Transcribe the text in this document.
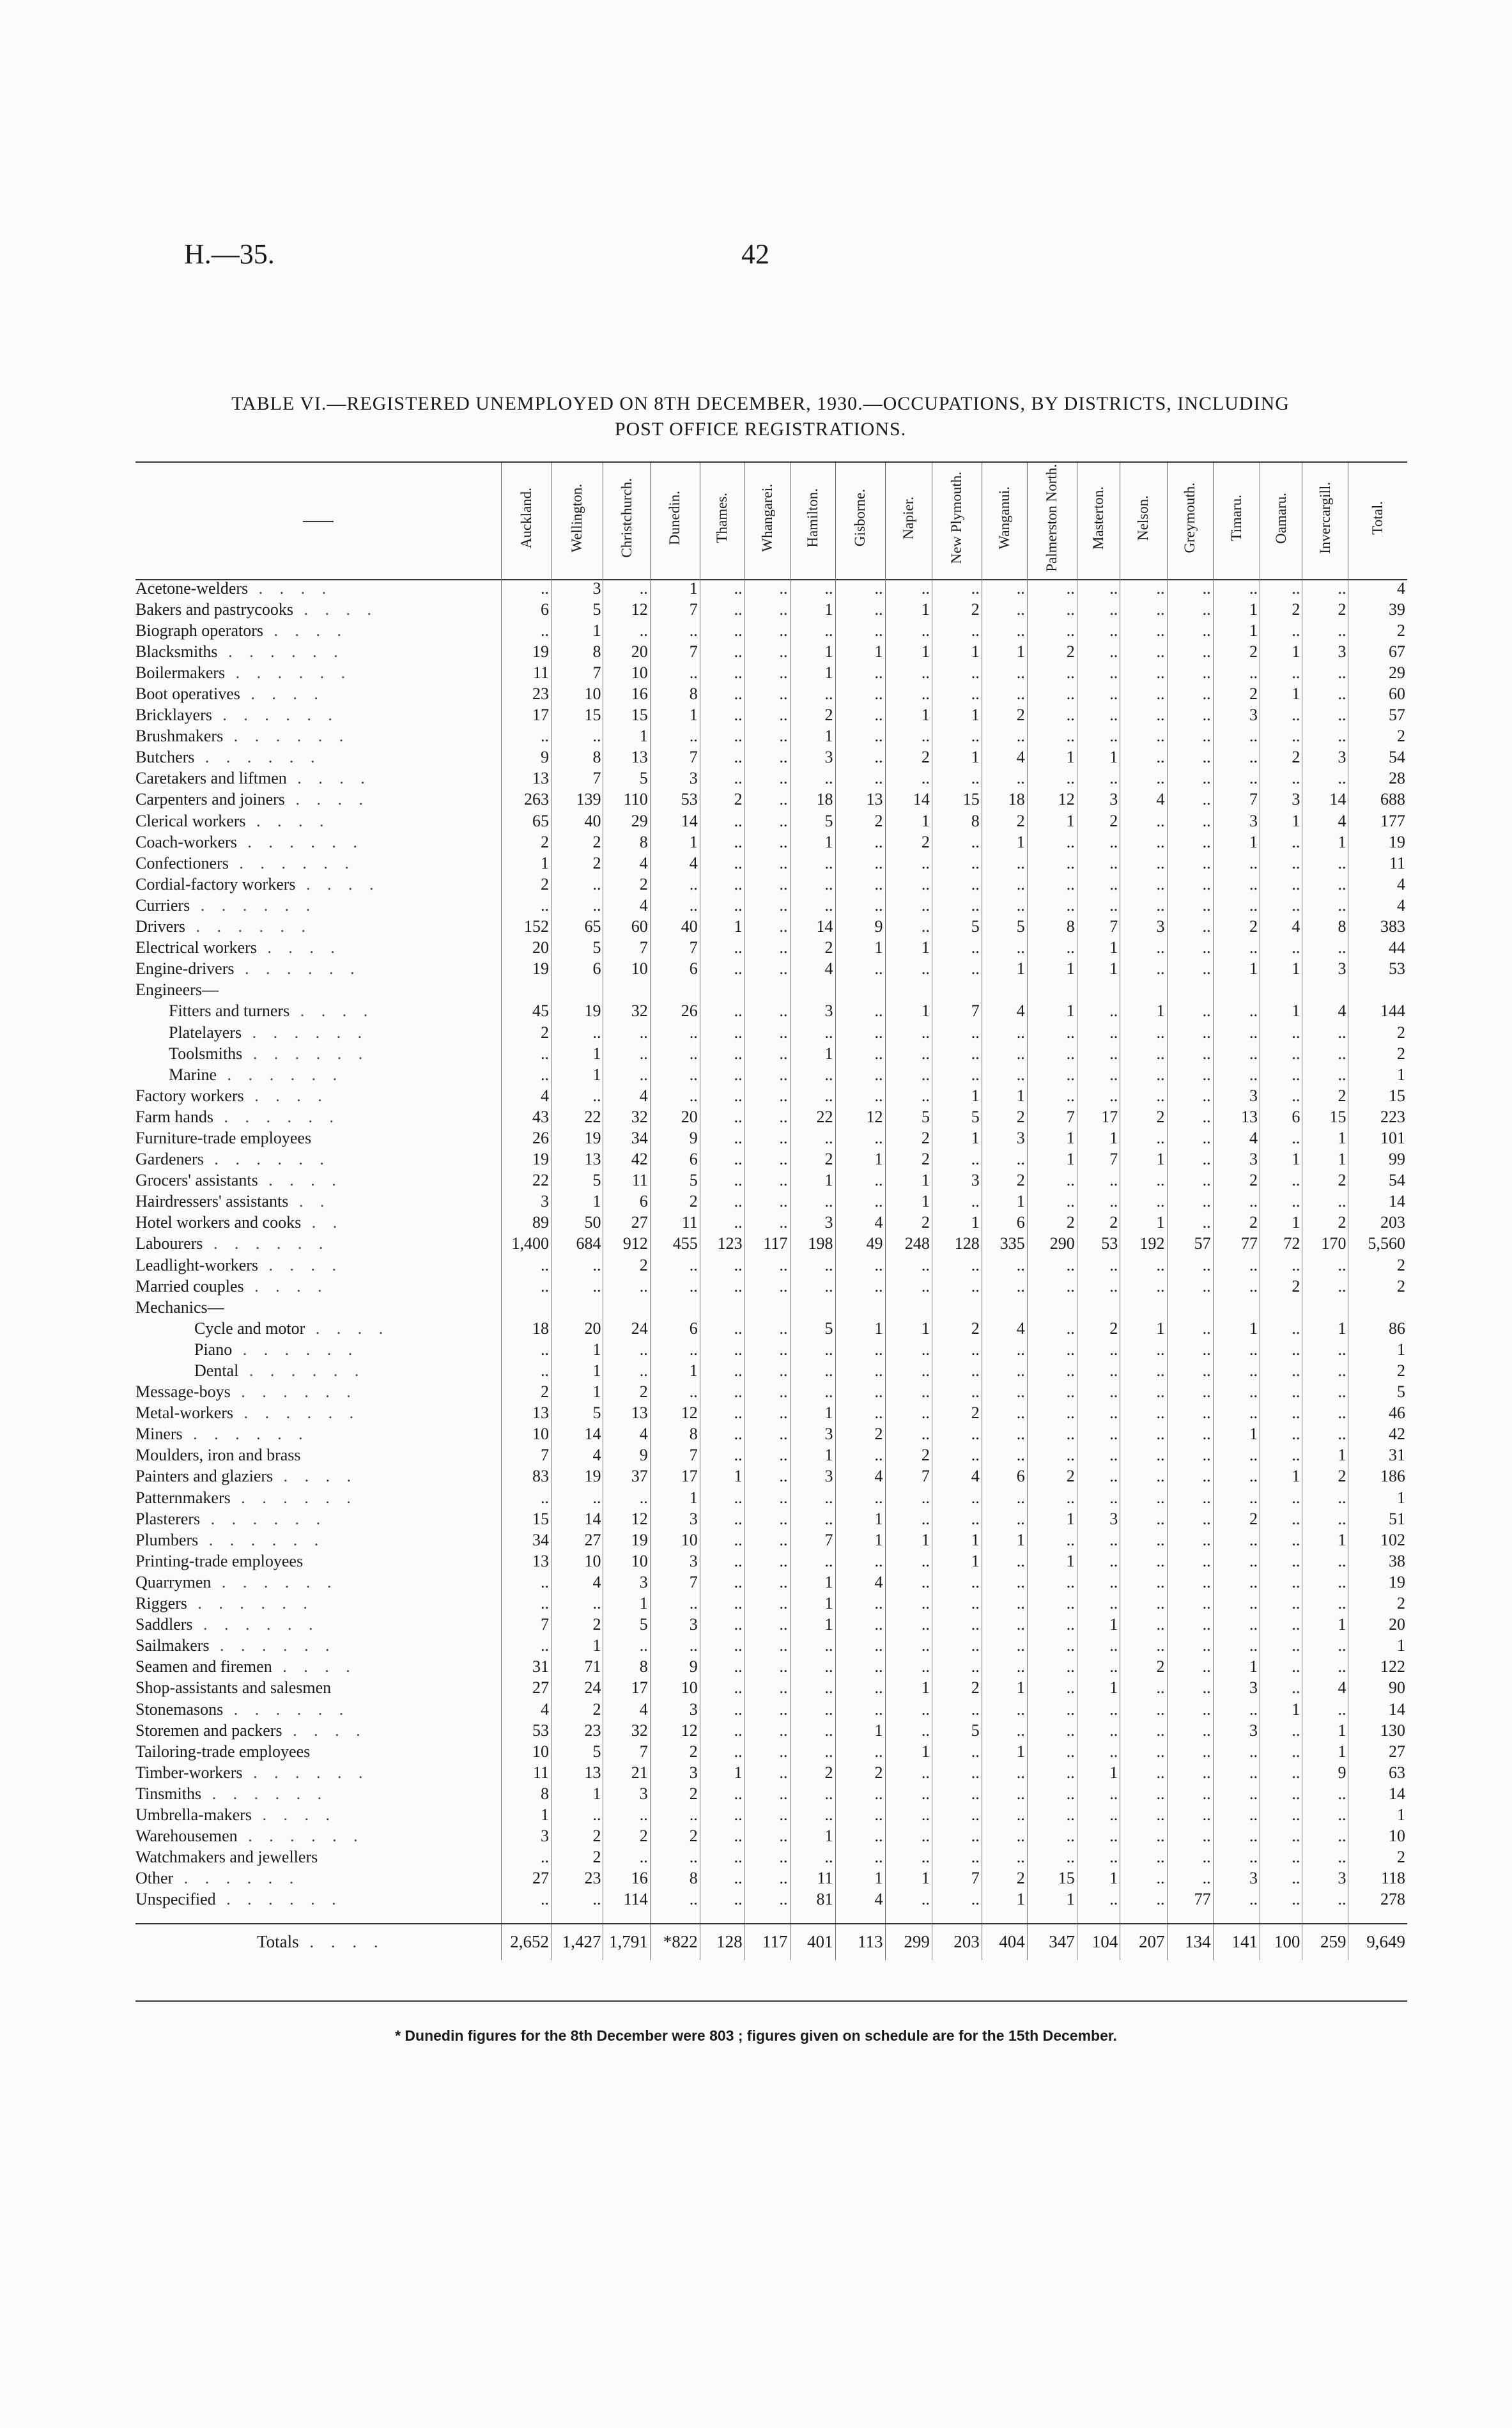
H.—35.	42
TABLE VI.—REGISTERED UNEMPLOYED ON 8TH DECEMBER, 1930.—OCCUPATIONS, BY DISTRICTS, INCLUDING
POST OFFICE REGISTRATIONS.
	Auckland.	Wellington.	Christchurch.	Dunedin.	Thames.	Whangarei.	Hamilton.	Gisborne.	Napier.	New Plymouth.	Wanganui.	Palmerston North.	Masterton.	Nelson.	Greymouth.	Timaru.	Oamaru.	Invercargill.	Total.
Acetone-welders . . . .	..	3	..	1	..	..	..	..	..	..	..	..	..	..	..	..	..	..	4
Bakers and pastrycooks . . . .	6	5	12	7	..	..	1	..	1	2	..	..	..	..	..	1	2	2	39
Biograph operators . . . .	..	1	..	..	..	..	..	..	..	..	..	..	..	..	..	1	..	..	2
Blacksmiths . . . . . .	19	8	20	7	..	..	1	1	1	1	1	2	..	..	..	2	1	3	67
Boilermakers . . . . . .	11	7	10	..	..	..	1	..	..	..	..	..	..	..	..	..	..	..	29
Boot operatives . . . .	23	10	16	8	..	..	..	..	..	..	..	..	..	..	..	2	1	..	60
Bricklayers . . . . . .	17	15	15	1	..	..	2	..	1	1	2	..	..	..	..	3	..	..	57
Brushmakers . . . . . .	..	..	1	..	..	..	1	..	..	..	..	..	..	..	..	..	..	..	2
Butchers . . . . . .	9	8	13	7	..	..	3	..	2	1	4	1	1	..	..	..	2	3	54
Caretakers and liftmen . . . .	13	7	5	3	..	..	..	..	..	..	..	..	..	..	..	..	..	..	28
Carpenters and joiners . . . .	263	139	110	53	2	..	18	13	14	15	18	12	3	4	..	7	3	14	688
Clerical workers . . . .	65	40	29	14	..	..	5	2	1	8	2	1	2	..	..	3	1	4	177
Coach-workers . . . . . .	2	2	8	1	..	..	1	..	2	..	1	..	..	..	..	1	..	1	19
Confectioners . . . . . .	1	2	4	4	..	..	..	..	..	..	..	..	..	..	..	..	..	..	11
Cordial-factory workers . . . .	2	..	2	..	..	..	..	..	..	..	..	..	..	..	..	..	..	..	4
Curriers . . . . . .	..	..	4	..	..	..	..	..	..	..	..	..	..	..	..	..	..	..	4
Drivers . . . . . .	152	65	60	40	1	..	14	9	..	5	5	8	7	3	..	2	4	8	383
Electrical workers . . . .	20	5	7	7	..	..	2	1	1	..	..	..	1	..	..	..	..	..	44
Engine-drivers . . . . . .	19	6	10	6	..	..	4	..	..	..	1	1	1	..	..	1	1	3	53
Engineers—																			
Fitters and turners . . . .	45	19	32	26	..	..	3	..	1	7	4	1	..	1	..	..	1	4	144
Platelayers . . . . . .	2	..	..	..	..	..	..	..	..	..	..	..	..	..	..	..	..	..	2
Toolsmiths . . . . . .	..	1	..	..	..	..	1	..	..	..	..	..	..	..	..	..	..	..	2
Marine . . . . . .	..	1	..	..	..	..	..	..	..	..	..	..	..	..	..	..	..	..	1
Factory workers . . . .	4	..	4	..	..	..	..	..	..	1	1	..	..	..	..	3	..	2	15
Farm hands . . . . . .	43	22	32	20	..	..	22	12	5	5	2	7	17	2	..	13	6	15	223
Furniture-trade employees	26	19	34	9	..	..	..	..	2	1	3	1	1	..	..	4	..	1	101
Gardeners . . . . . .	19	13	42	6	..	..	2	1	2	..	..	1	7	1	..	3	1	1	99
Grocers' assistants . . . .	22	5	11	5	..	..	1	..	1	3	2	..	..	..	..	2	..	2	54
Hairdressers' assistants . .	3	1	6	2	..	..	..	..	1	..	1	..	..	..	..	..	..	..	14
Hotel workers and cooks . .	89	50	27	11	..	..	3	4	2	1	6	2	2	1	..	2	1	2	203
Labourers . . . . . .	1,400	684	912	455	123	117	198	49	248	128	335	290	53	192	57	77	72	170	5,560
Leadlight-workers . . . .	..	..	2	..	..	..	..	..	..	..	..	..	..	..	..	..	..	..	2
Married couples . . . .	..	..	..	..	..	..	..	..	..	..	..	..	..	..	..	..	2	..	2
Mechanics—																			
Cycle and motor . . . .	18	20	24	6	..	..	5	1	1	2	4	..	2	1	..	1	..	1	86
Piano . . . . . .	..	1	..	..	..	..	..	..	..	..	..	..	..	..	..	..	..	..	1
Dental . . . . . .	..	1	..	1	..	..	..	..	..	..	..	..	..	..	..	..	..	..	2
Message-boys . . . . . .	2	1	2	..	..	..	..	..	..	..	..	..	..	..	..	..	..	..	5
Metal-workers . . . . . .	13	5	13	12	..	..	1	..	..	2	..	..	..	..	..	..	..	..	46
Miners . . . . . .	10	14	4	8	..	..	3	2	..	..	..	..	..	..	..	1	..	..	42
Moulders, iron and brass	7	4	9	7	..	..	1	..	2	..	..	..	..	..	..	..	..	1	31
Painters and glaziers . . . .	83	19	37	17	1	..	3	4	7	4	6	2	..	..	..	..	1	2	186
Patternmakers . . . . . .	..	..	..	1	..	..	..	..	..	..	..	..	..	..	..	..	..	..	1
Plasterers . . . . . .	15	14	12	3	..	..	..	1	..	..	..	1	3	..	..	2	..	..	51
Plumbers . . . . . .	34	27	19	10	..	..	7	1	1	1	1	..	..	..	..	..	..	1	102
Printing-trade employees	13	10	10	3	..	..	..	..	..	1	..	1	..	..	..	..	..	..	38
Quarrymen . . . . . .	..	4	3	7	..	..	1	4	..	..	..	..	..	..	..	..	..	..	19
Riggers . . . . . .	..	..	1	..	..	..	1	..	..	..	..	..	..	..	..	..	..	..	2
Saddlers . . . . . .	7	2	5	3	..	..	1	..	..	..	..	..	1	..	..	..	..	1	20
Sailmakers . . . . . .	..	1	..	..	..	..	..	..	..	..	..	..	..	..	..	..	..	..	1
Seamen and firemen . . . .	31	71	8	9	..	..	..	..	..	..	..	..	..	2	..	1	..	..	122
Shop-assistants and salesmen	27	24	17	10	..	..	..	..	1	2	1	..	1	..	..	3	..	4	90
Stonemasons . . . . . .	4	2	4	3	..	..	..	..	..	..	..	..	..	..	..	..	1	..	14
Storemen and packers . . . .	53	23	32	12	..	..	..	1	..	5	..	..	..	..	..	3	..	1	130
Tailoring-trade employees	10	5	7	2	..	..	..	..	1	..	1	..	..	..	..	..	..	1	27
Timber-workers . . . . . .	11	13	21	3	1	..	2	2	..	..	..	..	1	..	..	..	..	9	63
Tinsmiths . . . . . .	8	1	3	2	..	..	..	..	..	..	..	..	..	..	..	..	..	..	14
Umbrella-makers . . . .	1	..	..	..	..	..	..	..	..	..	..	..	..	..	..	..	..	..	1
Warehousemen . . . . . .	3	2	2	2	..	..	1	..	..	..	..	..	..	..	..	..	..	..	10
Watchmakers and jewellers	..	2	..	..	..	..	..	..	..	..	..	..	..	..	..	..	..	..	2
Other . . . . . .	27	23	16	8	..	..	11	1	1	7	2	15	1	..	..	3	..	3	118
Unspecified . . . . . .	..	..	114	..	..	..	81	4	..	..	1	1	..	..	77	..	..	..	278

Totals . . . .	2,652	1,427	1,791	*822	128	117	401	113	299	203	404	347	104	207	134	141	100	259	9,649
* Dunedin figures for the 8th December were 803 ; figures given on schedule are for the 15th December.
